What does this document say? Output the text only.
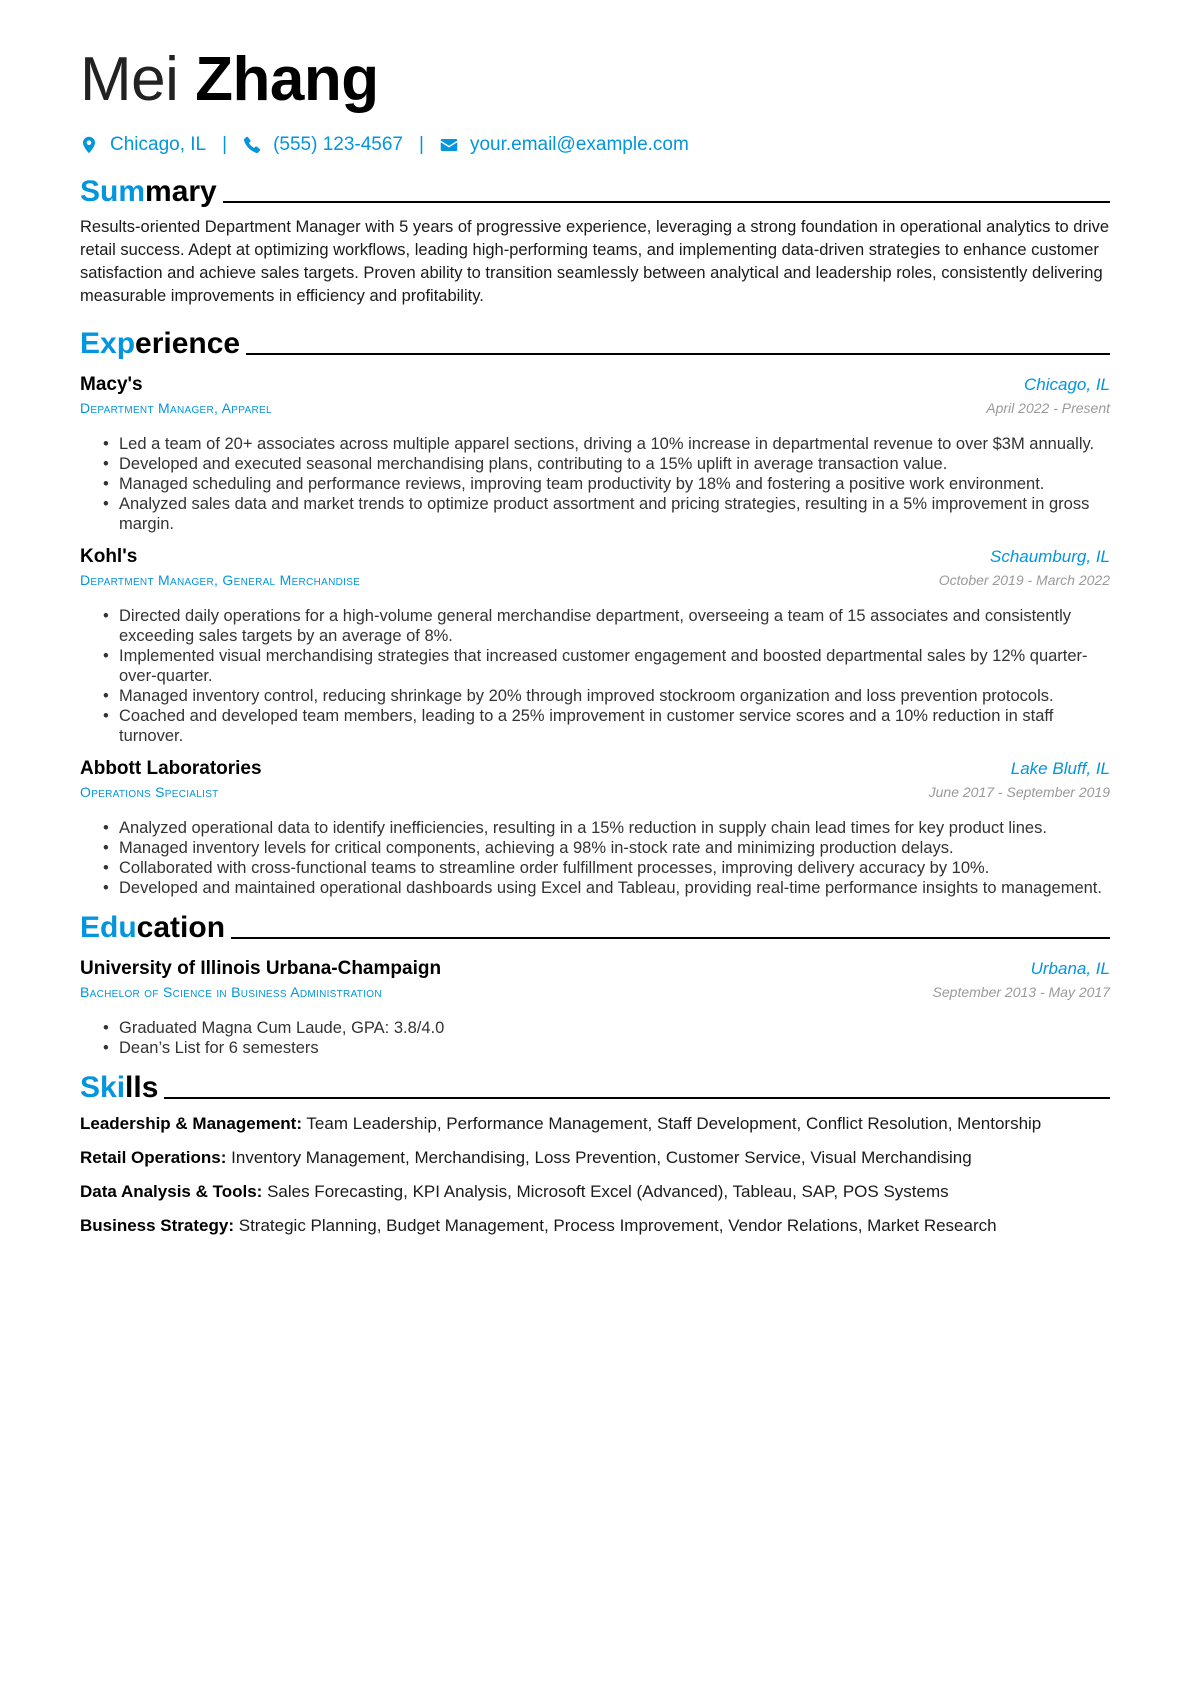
Mei Zhang
Chicago, IL | (555) 123-4567 | your.email@example.com
Summary

Results-oriented Department Manager with 5 years of progressive experience, leveraging a strong foundation in operational analytics to drive retail success. Adept at optimizing workflows, leading high-performing teams, and implementing data-driven strategies to enhance customer satisfaction and achieve sales targets. Proven ability to transition seamlessly between analytical and leadership roles, consistently delivering measurable improvements in efficiency and profitability.

Experience
Macy's	Chicago, IL
Department Manager, Apparel	April 2022 - Present
• Led a team of 20+ associates across multiple apparel sections, driving a 10% increase in departmental revenue to over $3M annually.
• Developed and executed seasonal merchandising plans, contributing to a 15% uplift in average transaction value.
• Managed scheduling and performance reviews, improving team productivity by 18% and fostering a positive work environment.
• Analyzed sales data and market trends to optimize product assortment and pricing strategies, resulting in a 5% improvement in gross margin.
Kohl's	Schaumburg, IL
Department Manager, General Merchandise	October 2019 - March 2022
• Directed daily operations for a high-volume general merchandise department, overseeing a team of 15 associates and consistently exceeding sales targets by an average of 8%.
• Implemented visual merchandising strategies that increased customer engagement and boosted departmental sales by 12% quarter-over-quarter.
• Managed inventory control, reducing shrinkage by 20% through improved stockroom organization and loss prevention protocols.
• Coached and developed team members, leading to a 25% improvement in customer service scores and a 10% reduction in staff turnover.
Abbott Laboratories	Lake Bluff, IL
Operations Specialist	June 2017 - September 2019
• Analyzed operational data to identify inefficiencies, resulting in a 15% reduction in supply chain lead times for key product lines.
• Managed inventory levels for critical components, achieving a 98% in-stock rate and minimizing production delays.
• Collaborated with cross-functional teams to streamline order fulfillment processes, improving delivery accuracy by 10%.
• Developed and maintained operational dashboards using Excel and Tableau, providing real-time performance insights to management.
Education
University of Illinois Urbana-Champaign	Urbana, IL
Bachelor of Science in Business Administration	September 2013 - May 2017
• Graduated Magna Cum Laude, GPA: 3.8/4.0
• Dean’s List for 6 semesters
Skills
Leadership & Management: Team Leadership, Performance Management, Staff Development, Conflict Resolution, Mentorship
Retail Operations: Inventory Management, Merchandising, Loss Prevention, Customer Service, Visual Merchandising
Data Analysis & Tools: Sales Forecasting, KPI Analysis, Microsoft Excel (Advanced), Tableau, SAP, POS Systems
Business Strategy: Strategic Planning, Budget Management, Process Improvement, Vendor Relations, Market Research
